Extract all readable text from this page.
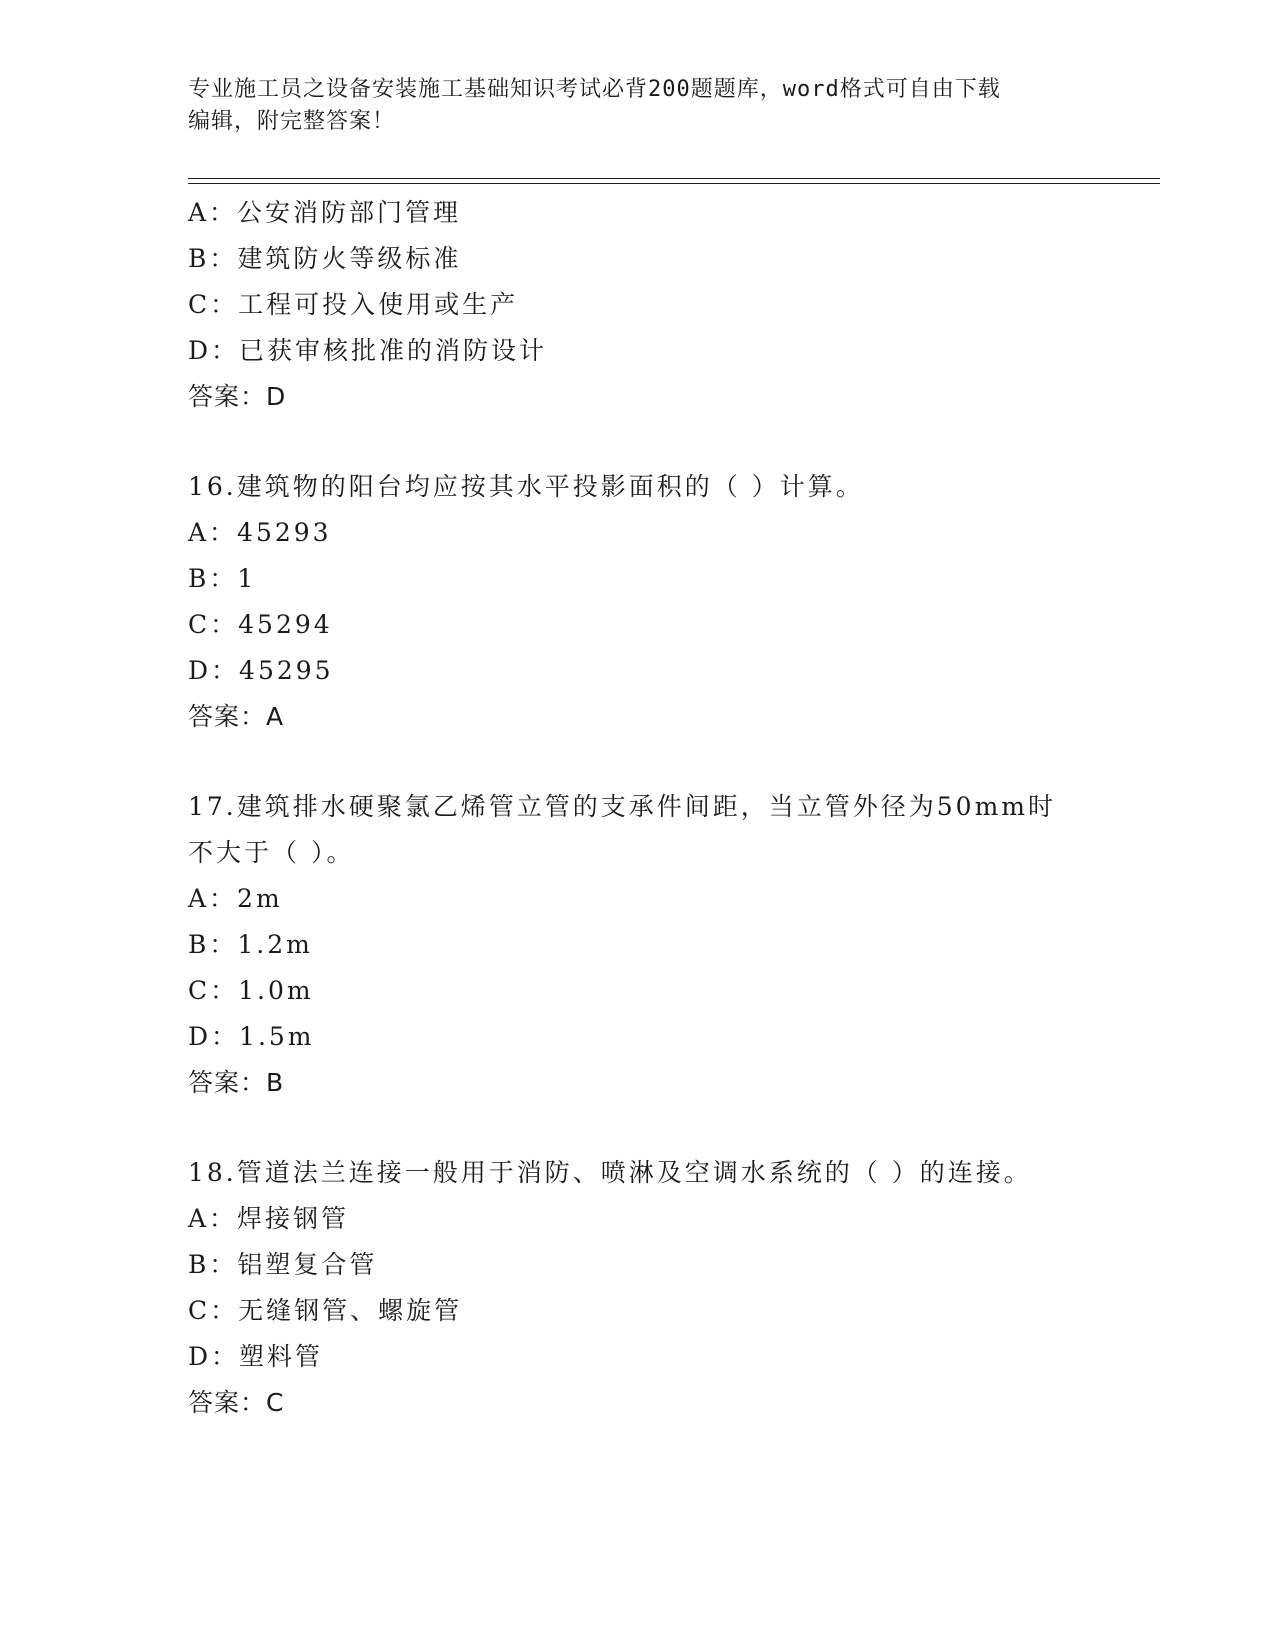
专业施工员之设备安装施工基础知识考试必背200题题库，word格式可自由下载
编辑，附完整答案！
A：公安消防部门管理
B：建筑防火等级标准
C：工程可投入使用或生产
D：已获审核批准的消防设计
答案：D
16.建筑物的阳台均应按其水平投影面积的（ ）计算。
A：45293
B：1
C：45294
D：45295
答案：A
17.建筑排水硬聚氯乙烯管立管的支承件间距，当立管外径为50mm时
不大于（ ）。
A：2m
B：1.2m
C：1.0m
D：1.5m
答案：B
18.管道法兰连接一般用于消防、喷淋及空调水系统的（ ）的连接。
A：焊接钢管
B：铝塑复合管
C：无缝钢管、螺旋管
D：塑料管
答案：C
